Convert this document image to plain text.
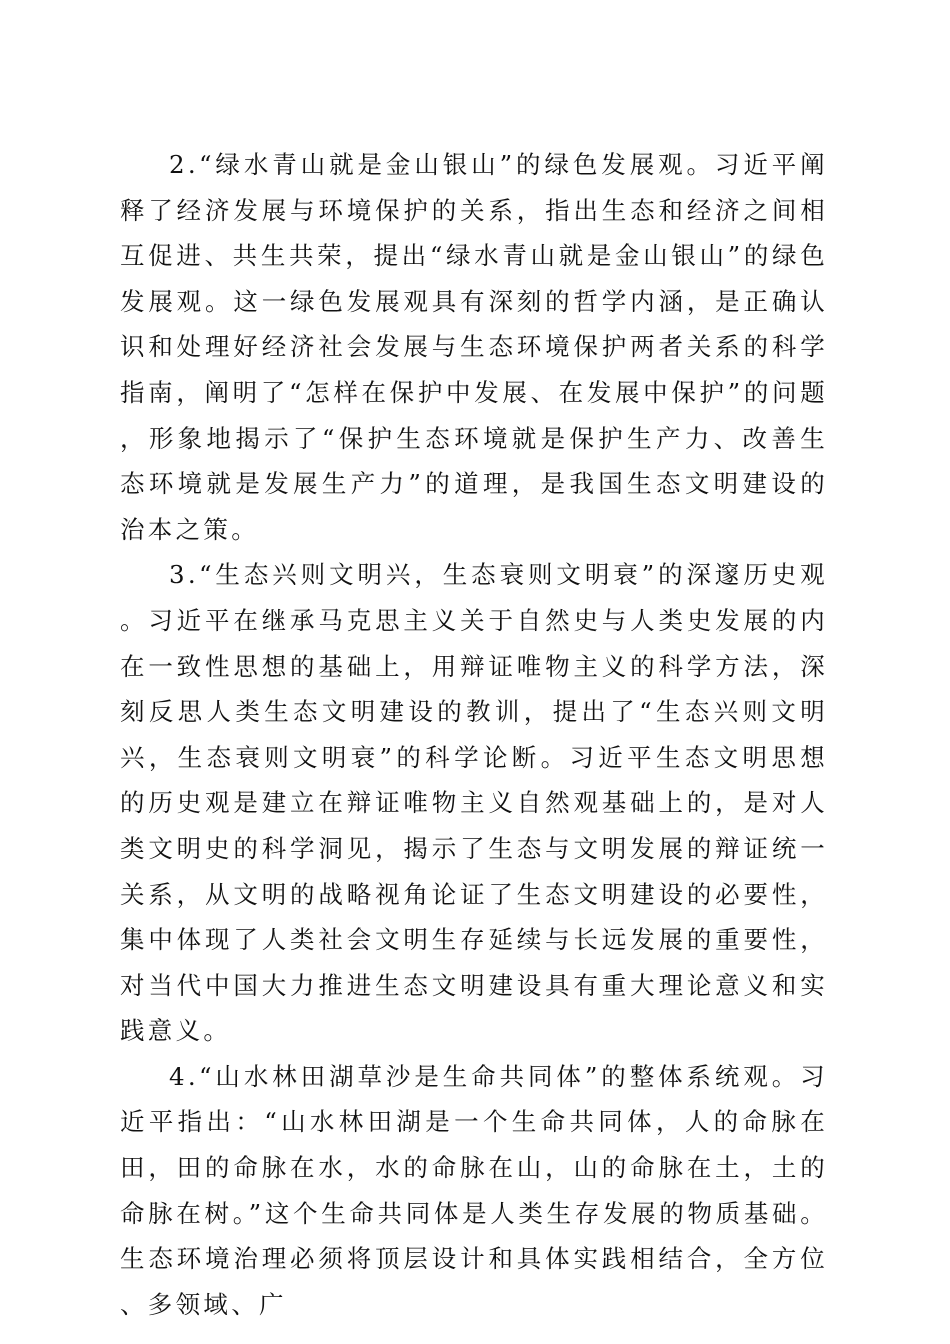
2.“绿水青山就是金山银山”的绿色发展观。习近平阐释了经济发展与环境保护的关系，指出生态和经济之间相互促进、共生共荣，提出“绿水青山就是金山银山”的绿色发展观。这一绿色发展观具有深刻的哲学内涵，是正确认识和处理好经济社会发展与生态环境保护两者关系的科学指南，阐明了“怎样在保护中发展、在发展中保护”的问题，形象地揭示了“保护生态环境就是保护生产力、改善生态环境就是发展生产力”的道理，是我国生态文明建设的治本之策。

3.“生态兴则文明兴，生态衰则文明衰”的深邃历史观。习近平在继承马克思主义关于自然史与人类史发展的内在一致性思想的基础上，用辩证唯物主义的科学方法，深刻反思人类生态文明建设的教训，提出了“生态兴则文明兴，生态衰则文明衰”的科学论断。习近平生态文明思想的历史观是建立在辩证唯物主义自然观基础上的，是对人类文明史的科学洞见，揭示了生态与文明发展的辩证统一关系，从文明的战略视角论证了生态文明建设的必要性，集中体现了人类社会文明生存延续与长远发展的重要性，对当代中国大力推进生态文明建设具有重大理论意义和实践意义。

4.“山水林田湖草沙是生命共同体”的整体系统观。习近平指出：“山水林田湖是一个生命共同体，人的命脉在田，田的命脉在水，水的命脉在山，山的命脉在土，土的命脉在树。”这个生命共同体是人类生存发展的物质基础。生态环境治理必须将顶层设计和具体实践相结合，全方位、多领域、广
